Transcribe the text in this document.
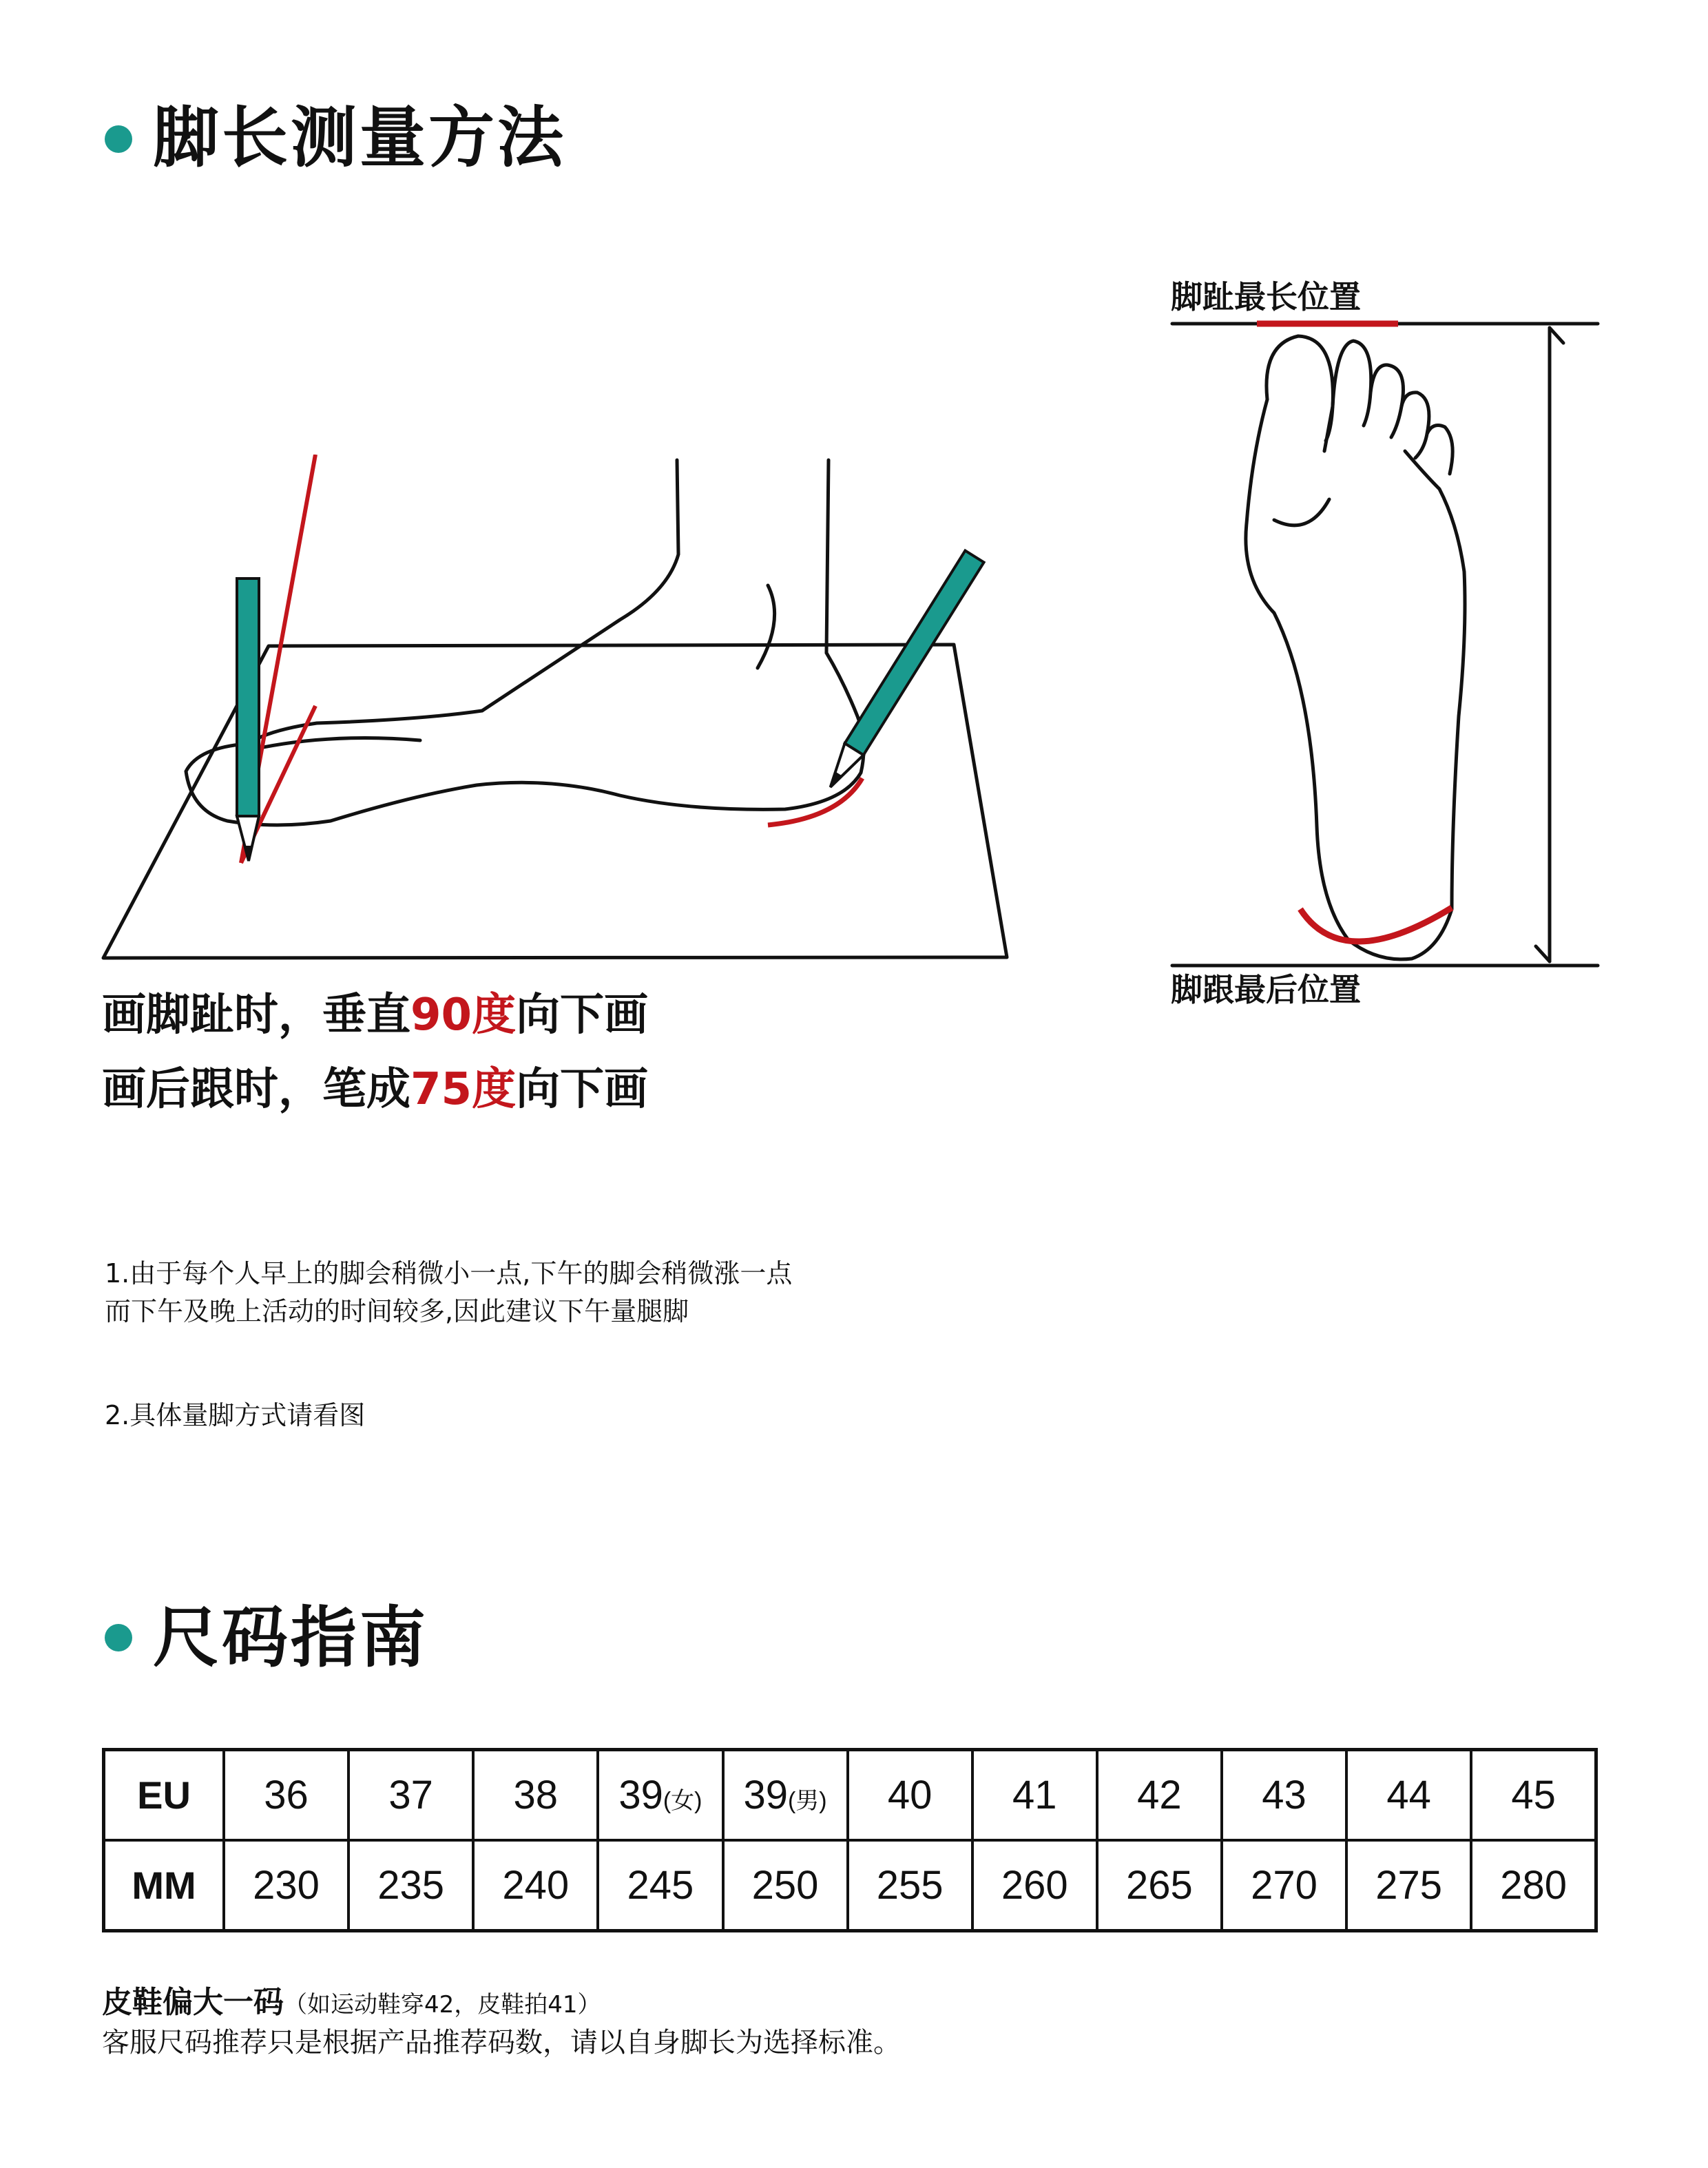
脚长测量方法
脚趾最长位置
脚跟最后位置
画脚趾时，垂直90度向下画
画后跟时，笔成75度向下画
1.由于每个人早上的脚会稍微小一点,下午的脚会稍微涨一点
而下午及晚上活动的时间较多,因此建议下午量腿脚
2.具体量脚方式请看图
尺码指南
EU	36	37	38	39(女)	39(男)	40	41	42	43	44	45
MM	230	235	240	245	250	255	260	265	270	275	280
皮鞋偏大一码（如运动鞋穿42，皮鞋拍41）
客服尺码推荐只是根据产品推荐码数，请以自身脚长为选择标准。
